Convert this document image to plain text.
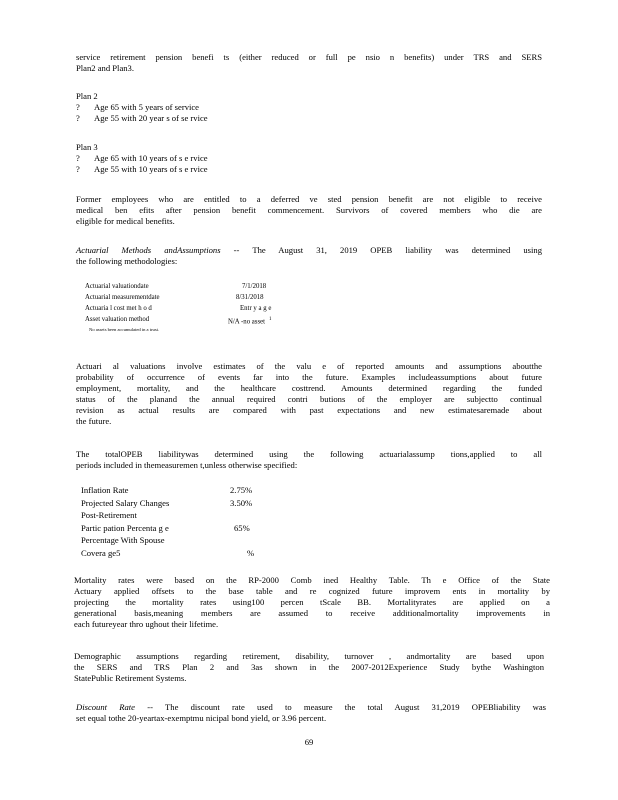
service retirement pension benefi ts (either reduced or full pe nsio n benefits) under TRS and SERS
Plan2 and Plan3.
Plan 2
? Age 65 with 5 years of service
? Age 55 with 20 year s of se rvice
Plan 3
? Age 65 with 10 years of s e rvice
? Age 55 with 10 years of s e rvice
Former employees who are entitled to a deferred ve sted pension benefit are not eligible to receive
medical ben efits after pension benefit commencement. Survivors of covered members who die are
eligible for medical benefits.
Actuarial Methods andAssumptions -- The August 31, 2019 OPEB liability was determined using
the following methodologies:
Actuarial valuationdate	7/1/2018
Actuarial measurementdate	8/31/2018
Actuaria l cost met h o d	Entr y a g e
Asset valuation method	N/A -no asset $^1$
No assets been accumulated in a trust.
Actuari al valuations involve estimates of the valu e of reported amounts and assumptions aboutthe
probability of occurrence of events far into the future. Examples includeassumptions about future
employment, mortality, and the healthcare costtrend. Amounts determined regarding the funded
status of the planand the annual required contri butions of the employer are subjectto continual
revision as actual results are compared with past expectations and new estimatesaremade about
the future.
The totalOPEB liabilitywas determined using the following actuarialassump tions,applied to all
periods included in themeasuremen t,unless otherwise specified:
Inflation Rate	2.75%
Projected Salary Changes	3.50%
Post-Retirement
Partic pation Percenta g e	65%
Percentage With Spouse
Covera ge5	%
Mortality rates were based on the RP-2000 Comb ined Healthy Table. Th e Office of the State
Actuary applied offsets to the base table and re cognized future improvem ents in mortality by
projecting the mortality rates using100 percen tScale BB. Mortalityrates are applied on a
generational basis,meaning members are assumed to receive additionalmortality improvements in
each futureyear thro ughout their lifetime.
Demographic assumptions regarding retirement, disability, turnover , andmortality are based upon
the SERS and TRS Plan 2 and 3as shown in the 2007-2012Experience Study bythe Washington
StatePublic Retirement Systems.
Discount Rate -- The discount rate used to measure the total August 31,2019 OPEBliability was
set equal tothe 20-yeartax-exemptmu nicipal bond yield, or 3.96 percent.
69
